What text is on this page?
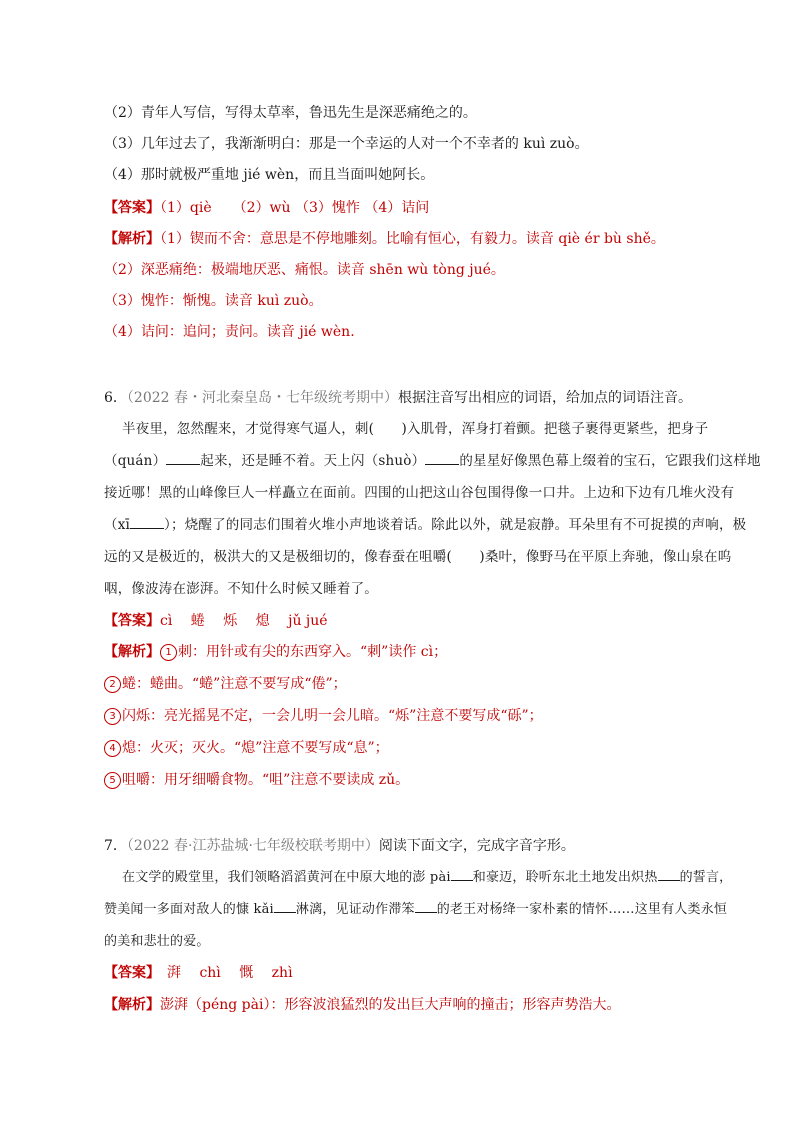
（2）青年人写信，写得太草率，鲁迅先生是深恶痛绝之的。
（3）几年过去了，我渐渐明白：那是一个幸运的人对一个不幸者的 kuì zuò。
（4）那时就极严重地 jié wèn，而且当面叫她阿长。
【答案】（1）qiè　　（2）wù （3）愧怍 （4）诘问
【解析】（1）锲而不舍：意思是不停地雕刻。比喻有恒心，有毅力。读音 qiè ér bù shě。
（2）深恶痛绝：极端地厌恶、痛恨。读音 shēn wù tòng jué。
（3）愧怍：惭愧。读音 kuì zuò。
（4）诘问：追问；责问。读音 jié wèn.
6．（2022 春・河北秦皇岛・七年级统考期中）根据注音写出相应的词语，给加点的词语注音。
半夜里，忽然醒来，才觉得寒气逼人，刺(　　)入肌骨，浑身打着颤。把毯子裹得更紧些，把身子
（quán）	起来，还是睡不着。天上闪（shuò）	的星星好像黑色幕上缀着的宝石，它跟我们这样地
接近哪！黑的山峰像巨人一样矗立在面前。四围的山把这山谷包围得像一口井。上边和下边有几堆火没有
（xī	）；烧醒了的同志们围着火堆小声地谈着话。除此以外，就是寂静。耳朵里有不可捉摸的声响，极
远的又是极近的，极洪大的又是极细切的，像春蚕在咀嚼(　　)桑叶，像野马在平原上奔驰，像山泉在呜
咽，像波涛在澎湃。不知什么时候又睡着了。
【答案】cì　 蜷　 烁　 熄　 jǔ jué
【解析】 1 刺：用针或有尖的东西穿入。“刺”读作 cì；
2 蜷：蜷曲。“蜷”注意不要写成“倦”；
3 闪烁：亮光摇晃不定，一会儿明一会儿暗。“烁”注意不要写成“砾”；
4 熄：火灭；灭火。“熄”注意不要写成“息”；
5 咀嚼：用牙细嚼食物。“咀”注意不要读成 zǔ。
7．（2022 春·江苏盐城·七年级校联考期中）阅读下面文字，完成字音字形。
在文学的殿堂里，我们领略滔滔黄河在中原大地的澎 pài 和豪迈，聆听东北土地发出炽热 的誓言，
赞美闻一多面对敌人的慷 kǎi 淋漓，见证动作滞笨 的老王对杨绛一家朴素的情怀……这里有人类永恒
的美和悲壮的爱。
【答案】　湃　 chì　 慨　 zhì
【解析】澎湃（péng pài）：形容波浪猛烈的发出巨大声响的撞击；形容声势浩大。
